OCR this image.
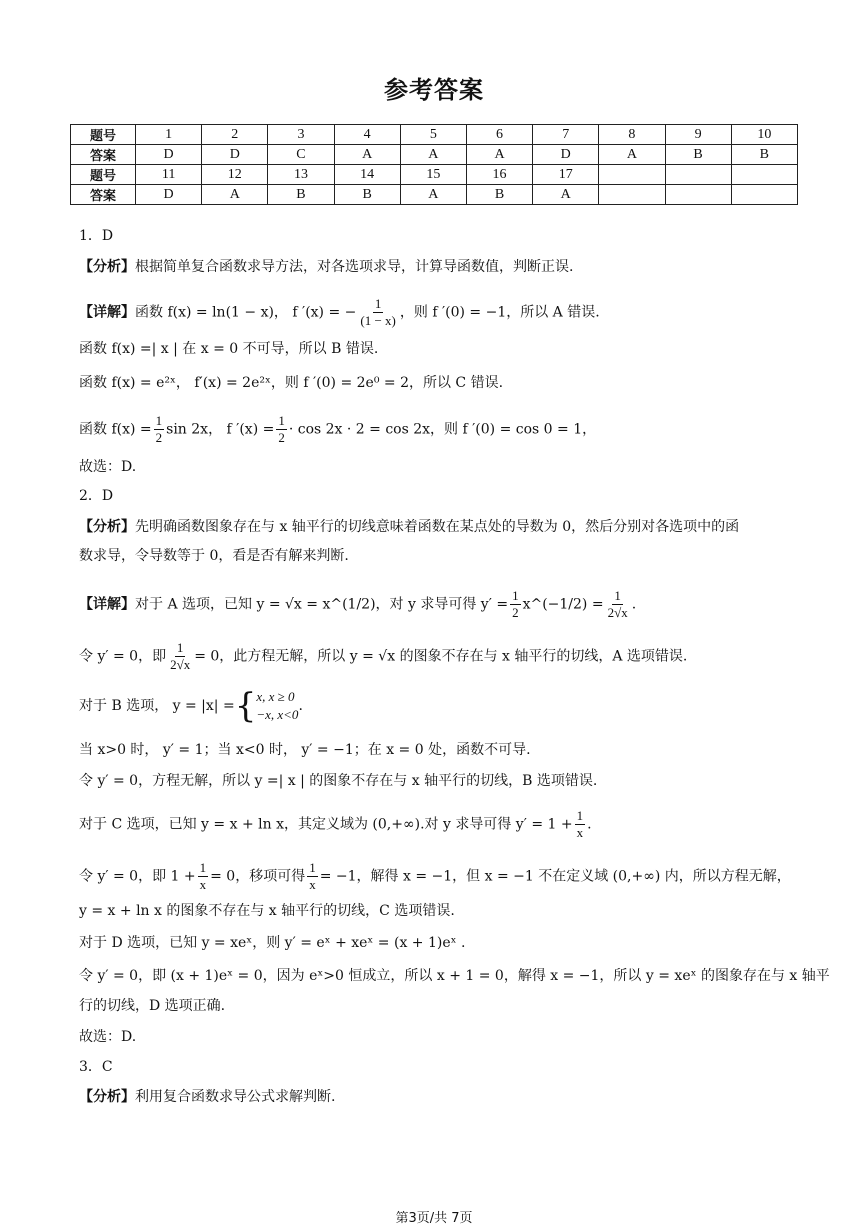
参考答案
题号	1	2	3	4	5	6	7	8	9	10
答案	D	D	C	A	A	A	D	A	B	B
题号	11	12	13	14	15	16	17			
答案	D	A	B	B	A	B	A			
1．D
【分析】根据简单复合函数求导方法，对各选项求导，计算导函数值，判断正误.
【详解】函数 f(x) = ln(1 − x)， f ′(x) = − $\frac{1}{(1 - x)}$ ，则 f ′(0) = −1，所以 A 错误.
函数 f(x) =| x | 在 x = 0 不可导，所以 B 错误.
函数 f(x) = e²ˣ， f′(x) = 2e²ˣ，则 f ′(0) = 2e⁰ = 2，所以 C 错误.
函数 $f(x) = \frac{1}{2}$ sin 2x， f $'(x) = \frac{1}{2} \cdot \cos 2x \cdot 2 = \cos 2x$，则 f ′(0) = cos 0 = 1，
故选：D.
2．D
【分析】先明确函数图象存在与 x 轴平行的切线意味着函数在某点处的导数为 0，然后分别对各选项中的函
数求导，令导数等于 0，看是否有解来判断.
【详解】对于 A 选项，已知 y = √x = x^(1/2)，对 y 求导可得 $y' = \frac{1}{2}$ x^(−1/2) = $\frac{1}{2√x}$ .
令 y′ = 0，即 $\frac{1}{2√x} = 0$，此方程无解，所以 y = √x 的图象不存在与 x 轴平行的切线，A 选项错误.
对于 B 选项， y = |x| = { x, x ≥ 0
−x, x<0
.
当 x>0 时， y′ = 1；当 x<0 时， y′ = −1；在 x = 0 处，函数不可导.
令 y′ = 0，方程无解，所以 y =| x | 的图象不存在与 x 轴平行的切线，B 选项错误.
对于 C 选项，已知 y = x + ln x，其定义域为 (0,+∞).对 y 求导可得 $y' = 1 + \frac{1}{x}$ .
令 y′ = 0，即 $1 + \frac{1}{x} = 0$，移项可得 $\frac{1}{x} = -1$，解得 x = −1，但 x = −1 不在定义域 (0,+∞) 内，所以方程无解，
y = x + ln x 的图象不存在与 x 轴平行的切线，C 选项错误.
对于 D 选项，已知 y = xeˣ，则 y′ = eˣ + xeˣ = (x + 1)eˣ .
令 y′ = 0，即 (x + 1)eˣ = 0，因为 eˣ>0 恒成立，所以 x + 1 = 0，解得 x = −1，所以 y = xeˣ 的图象存在与 x 轴平
行的切线，D 选项正确.
故选：D.
3．C
【分析】利用复合函数求导公式求解判断.
第3页/共 7页
